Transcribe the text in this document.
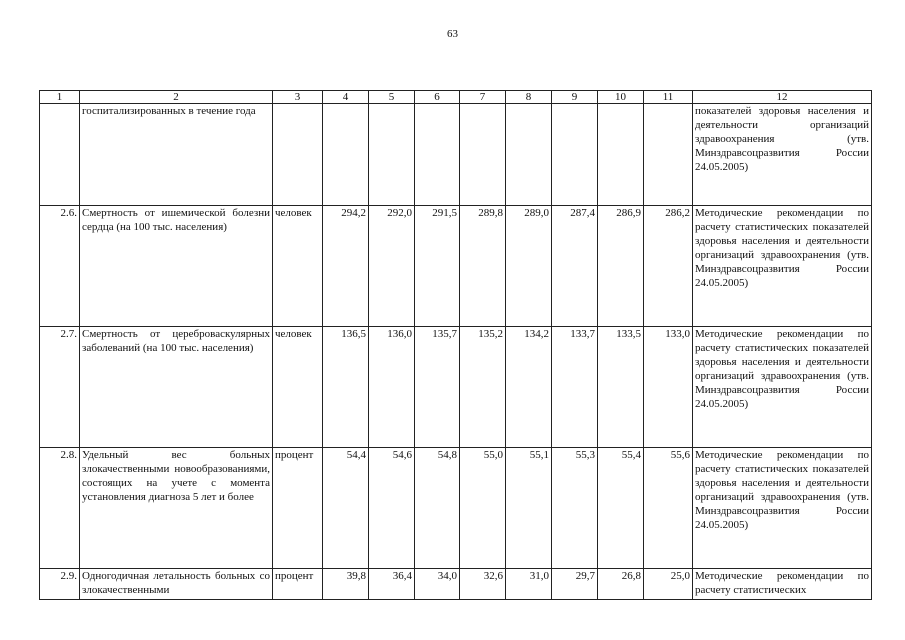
63
1	2	3	4	5	6	7	8	9	10	11	12
	госпитализированных в течение года										показателей здоровья населения и деятельности организаций здравоохранения (утв. Минздравсоцразвития России 24.05.2005)
2.6.	Смертность от ишемической болезни сердца (на 100 тыс. населения)	человек	294,2	292,0	291,5	289,8	289,0	287,4	286,9	286,2	Методические рекомендации по расчету статистических показателей здоровья населения и деятельности организаций здравоохранения (утв. Минздравсоцразвития России 24.05.2005)
2.7.	Смертность от цереброваскулярных заболеваний (на 100 тыс. населения)	человек	136,5	136,0	135,7	135,2	134,2	133,7	133,5	133,0	Методические рекомендации по расчету статистических показателей здоровья населения и деятельности организаций здравоохранения (утв. Минздравсоцразвития России 24.05.2005)
2.8.	Удельный вес больных злокачественными новообразованиями, состоящих на учете с момента установления диагноза 5 лет и более	процент	54,4	54,6	54,8	55,0	55,1	55,3	55,4	55,6	Методические рекомендации по расчету статистических показателей здоровья населения и деятельности организаций здравоохранения (утв. Минздравсоцразвития России 24.05.2005)
2.9.	Одногодичная летальность больных со злокачественными	процент	39,8	36,4	34,0	32,6	31,0	29,7	26,8	25,0	Методические рекомендации по расчету статистических
